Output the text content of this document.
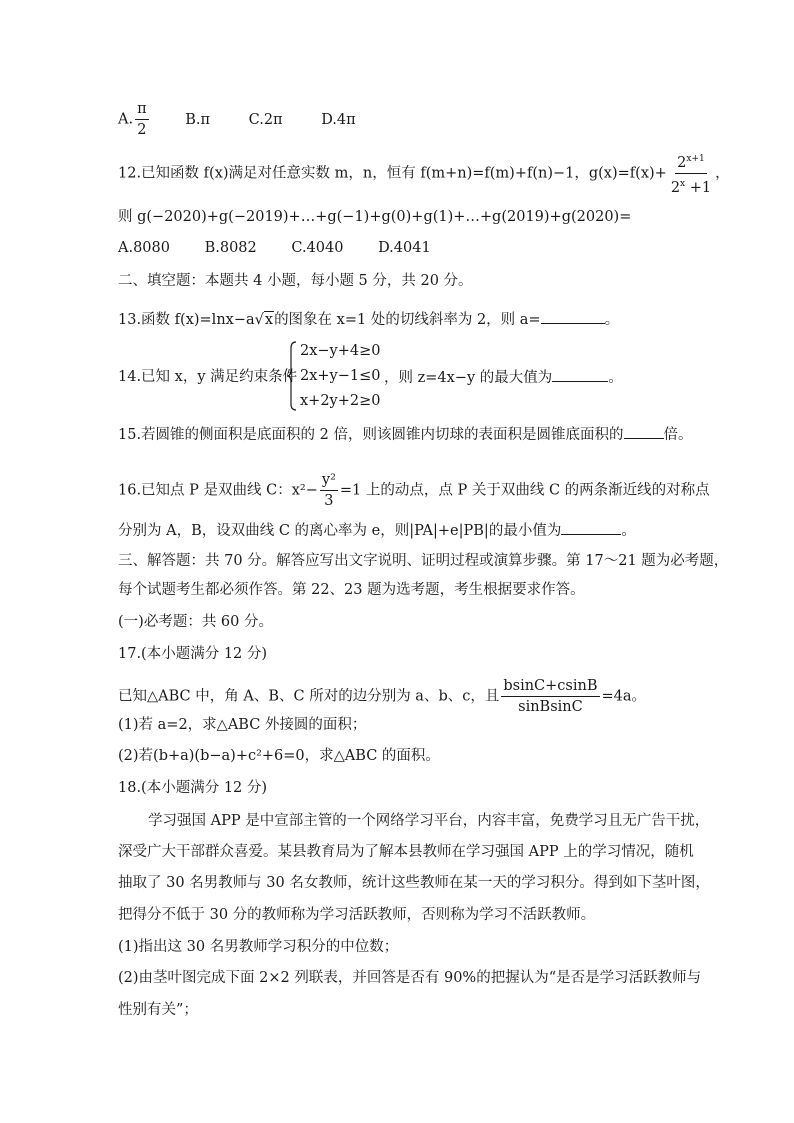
A. $\frac{\pi}{2}$	B.π	C.2π	D.4π
12.已知函数 f(x)满足对任意实数 m，n，恒有 f(m+n)=f(m)+f(n)−1，$g(x)=f(x)+ \frac{2^{x+1}}{2^x +1}$ ，
则 g(−2020)+g(−2019)+…+g(−1)+g(0)+g(1)+…+g(2019)+g(2020)=
A.8080 B.8082 C.4040 D.4041
二、填空题：本题共 4 小题，每小题 5 分，共 20 分。
13.函数 f(x)=lnx−a√x的图象在 x=1 处的切线斜率为 2，则 a=	。
14.已知 x，y 满足约束条件
2x−y+4≥0
2x+y−1≤0
x+2y+2≥0
，则 z=4x−y 的最大值为	。
15.若圆锥的侧面积是底面积的 2 倍，则该圆锥内切球的表面积是圆锥底面积的	倍。
16.已知点 P 是双曲线 C：$x^2- \frac{\text{y²}}{3} =1$ 上的动点，点 P 关于双曲线 C 的两条渐近线的对称点
分别为 A，B，设双曲线 C 的离心率为 e，则|PA|+e|PB|的最小值为	。
三、解答题：共 70 分。解答应写出文字说明、证明过程或演算步骤。第 17～21 题为必考题，
每个试题考生都必须作答。第 22、23 题为选考题，考生根据要求作答。
(一)必考题：共 60 分。
17.(本小题满分 12 分)
已知△ABC 中，角 A、B、C 所对的边分别为 a、b、c，且 $\frac{bsinC+csinB}{\text{sinBsinC}} =4a$。
(1)若 a=2，求△ABC 外接圆的面积；
(2)若(b+a)(b−a)+c²+6=0，求△ABC 的面积。
18.(本小题满分 12 分)
学习强国 APP 是中宣部主管的一个网络学习平台，内容丰富，免费学习且无广告干扰，
深受广大干部群众喜爱。某县教育局为了解本县教师在学习强国 APP 上的学习情况，随机
抽取了 30 名男教师与 30 名女教师，统计这些教师在某一天的学习积分。得到如下茎叶图，
把得分不低于 30 分的教师称为学习活跃教师，否则称为学习不活跃教师。
(1)指出这 30 名男教师学习积分的中位数；
(2)由茎叶图完成下面 2×2 列联表，并回答是否有 90%的把握认为“是否是学习活跃教师与
性别有关”；
